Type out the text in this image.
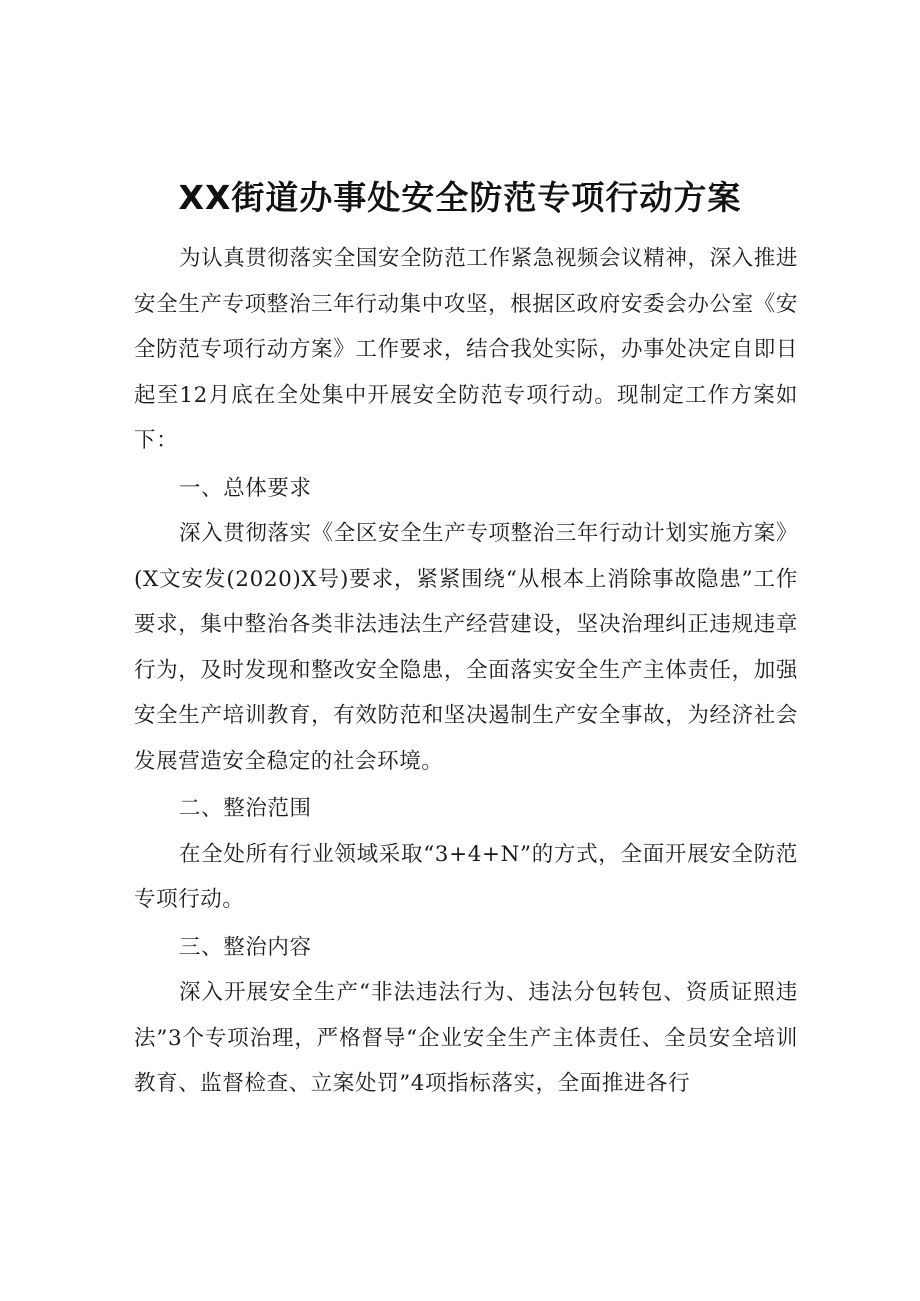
XX街道办事处安全防范专项行动方案

为认真贯彻落实全国安全防范工作紧急视频会议精神，深入推进安全生产专项整治三年行动集中攻坚，根据区政府安委会办公室《安全防范专项行动方案》工作要求，结合我处实际，办事处决定自即日起至12月底在全处集中开展安全防范专项行动。现制定工作方案如下：

一、总体要求

深入贯彻落实《全区安全生产专项整治三年行动计划实施方案》(X文安发(2020)X号)要求，紧紧围绕“从根本上消除事故隐患”工作要求，集中整治各类非法违法生产经营建设，坚决治理纠正违规违章行为，及时发现和整改安全隐患，全面落实安全生产主体责任，加强安全生产培训教育，有效防范和坚决遏制生产安全事故，为经济社会发展营造安全稳定的社会环境。

二、整治范围

在全处所有行业领域采取“3+4+N”的方式，全面开展安全防范专项行动。

三、整治内容

深入开展安全生产“非法违法行为、违法分包转包、资质证照违法”3个专项治理，严格督导“企业安全生产主体责任、全员安全培训教育、监督检查、立案处罚”4项指标落实，全面推进各行
